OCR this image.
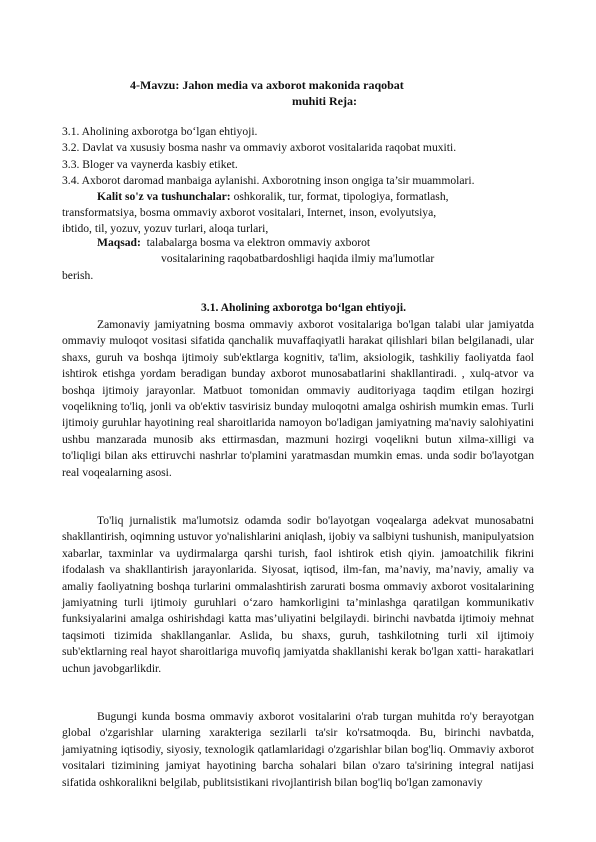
4-Mavzu: Jahon media va axborot makonida raqobat
muhiti Reja:
3.1. Aholining axborotga bo‘lgan ehtiyoji.
3.2. Davlat va xususiy bosma nashr va ommaviy axborot vositalarida raqobat muxiti.
3.3. Bloger va vaynerda kasbiy etiket.
3.4. Axborot daromad manbaiga aylanishi. Axborotning inson ongiga ta’sir muammolari.
Kalit so'z va tushunchalar: oshkoralik, tur, format, tipologiya, formatlash,
transformatsiya, bosma ommaviy axborot vositalari, Internet, inson, evolyutsiya,
ibtido, til, yozuv, yozuv turlari, aloqa turlari,
Maqsad: talabalarga bosma va elektron ommaviy axborot
vositalarining raqobatbardoshligi haqida ilmiy ma'lumotlar
berish.
3.1. Aholining axborotga bo‘lgan ehtiyoji.
Zamonaviy jamiyatning bosma ommaviy axborot vositalariga bo'lgan talabi ular jamiyatda ommaviy muloqot vositasi sifatida qanchalik muvaffaqiyatli harakat qilishlari bilan belgilanadi, ular shaxs, guruh va boshqa ijtimoiy sub'ektlarga kognitiv, ta'lim, aksiologik, tashkiliy faoliyatda faol ishtirok etishga yordam beradigan bunday axborot munosabatlarini shakllantiradi. , xulq-atvor va boshqa ijtimoiy jarayonlar. Matbuot tomonidan ommaviy auditoriyaga taqdim etilgan hozirgi voqelikning to'liq, jonli va ob'ektiv tasvirisiz bunday muloqotni amalga oshirish mumkin emas. Turli ijtimoiy guruhlar hayotining real sharoitlarida namoyon bo'ladigan jamiyatning ma'naviy salohiyatini ushbu manzarada munosib aks ettirmasdan, mazmuni hozirgi voqelikni butun xilma-xilligi va to'liqligi bilan aks ettiruvchi nashrlar to'plamini yaratmasdan mumkin emas. unda sodir bo'layotgan real voqealarning asosi.
To'liq jurnalistik ma'lumotsiz odamda sodir bo'layotgan voqealarga adekvat munosabatni shakllantirish, oqimning ustuvor yo'nalishlarini aniqlash, ijobiy va salbiyni tushunish, manipulyatsion xabarlar, taxminlar va uydirmalarga qarshi turish, faol ishtirok etish qiyin. jamoatchilik fikrini ifodalash va shakllantirish jarayonlarida. Siyosat, iqtisod, ilm-fan, ma’naviy, ma’naviy, amaliy va amaliy faoliyatning boshqa turlarini ommalashtirish zarurati bosma ommaviy axborot vositalarining jamiyatning turli ijtimoiy guruhlari o‘zaro hamkorligini ta’minlashga qaratilgan kommunikativ funksiyalarini amalga oshirishdagi katta mas’uliyatini belgilaydi. birinchi navbatda ijtimoiy mehnat taqsimoti tizimida shakllanganlar. Aslida, bu shaxs, guruh, tashkilotning turli xil ijtimoiy sub'ektlarning real hayot sharoitlariga muvofiq jamiyatda shakllanishi kerak bo'lgan xatti- harakatlari uchun javobgarlikdir.
Bugungi kunda bosma ommaviy axborot vositalarini o'rab turgan muhitda ro'y berayotgan global o'zgarishlar ularning xarakteriga sezilarli ta'sir ko'rsatmoqda. Bu, birinchi navbatda, jamiyatning iqtisodiy, siyosiy, texnologik qatlamlaridagi o'zgarishlar bilan bog'liq. Ommaviy axborot vositalari tizimining jamiyat hayotining barcha sohalari bilan o'zaro ta'sirining integral natijasi sifatida oshkoralikni belgilab, publitsistikani rivojlantirish bilan bog'liq bo'lgan zamonaviy
